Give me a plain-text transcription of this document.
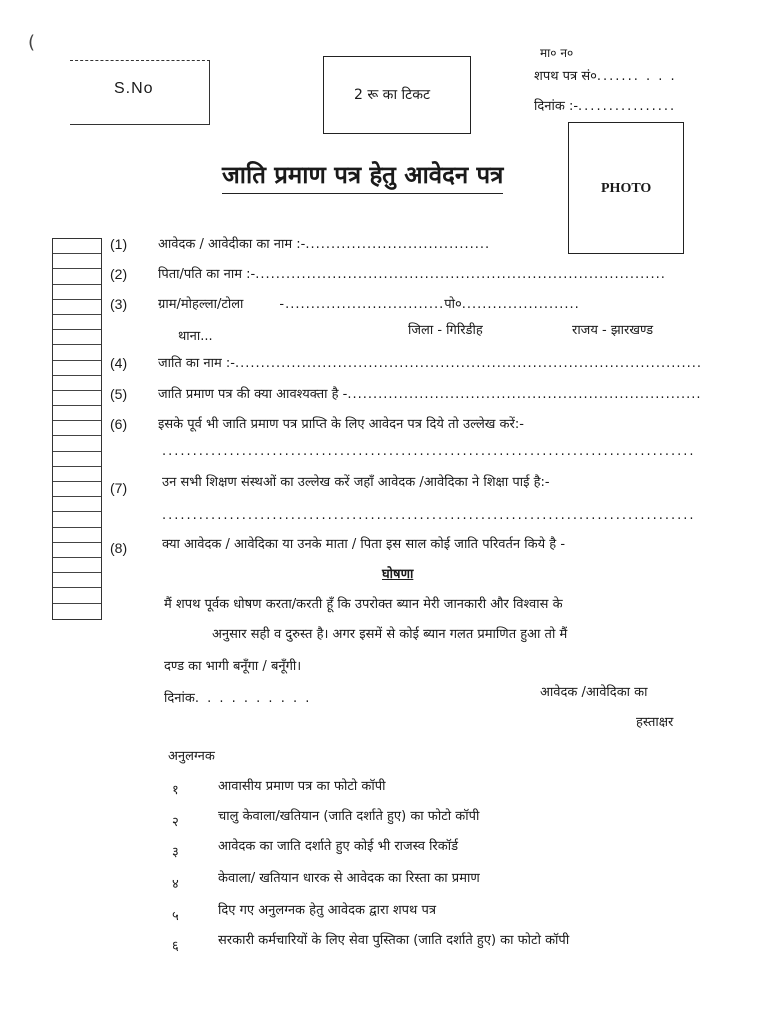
(
S.No	2 रू का टिकट
मा० न०
शपथ पत्र सं०....... . . .
दिनांक :-................
PHOTO
जाति प्रमाण पत्र हेतु आवेदन पत्र
(1) आवेदक / आवेदीका का नाम :-....................................
(2) पिता/पति का नाम :-................................................................................
(3) ग्राम/मोहल्ला/टोला	-...............................पो०.......................
थाना...	जिला - गिरिडीह	राजय - झारखण्ड
(4) जाति का नाम :-...........................................................................................
(5) जाति प्रमाण पत्र की क्या आवश्यक्ता है -.....................................................................
(6) इसके पूर्व भी जाति प्रमाण पत्र प्राप्ति के लिए आवेदन पत्र दिये तो उल्लेख करें:-
.......................................................................................
(7)	उन सभी शिक्षण संस्थओं का उल्लेख करें जहाँ आवेदक /आवेदिका ने शिक्षा पाई है:-
.......................................................................................
(8)	क्या आवेदक / आवेदिका या उनके माता / पिता इस साल कोई जाति परिवर्तन किये है -
घोषणा
मैं शपथ पूर्वक धोषण करता/करती हूँ कि उपरोक्त ब्यान मेरी जानकारी और विश्वास के
अनुसार सही व दुरुस्त है। अगर इसमें से कोई ब्यान गलत प्रमाणित हुआ तो मैं
दण्ड का भागी बनूँगा / बनूँगी।
दिनांक. . . . . . . . . .	आवेदक /आवेदिका का
हस्ताक्षर
अनुलग्नक
१	आवासीय प्रमाण पत्र का फोटो कॉपी
२	चालु केवाला/खतियान (जाति दर्शाते हुए) का फोटो कॉपी
३	आवेदक का जाति दर्शाते हुए कोई भी राजस्व रिकॉर्ड
४	केवाला/ खतियान धारक से आवेदक का रिस्ता का प्रमाण
५	दिए गए अनुलग्नक हेतु आवेदक द्वारा शपथ पत्र
६	सरकारी कर्मचारियों के लिए सेवा पुस्तिका (जाति दर्शाते हुए) का फोटो कॉपी
